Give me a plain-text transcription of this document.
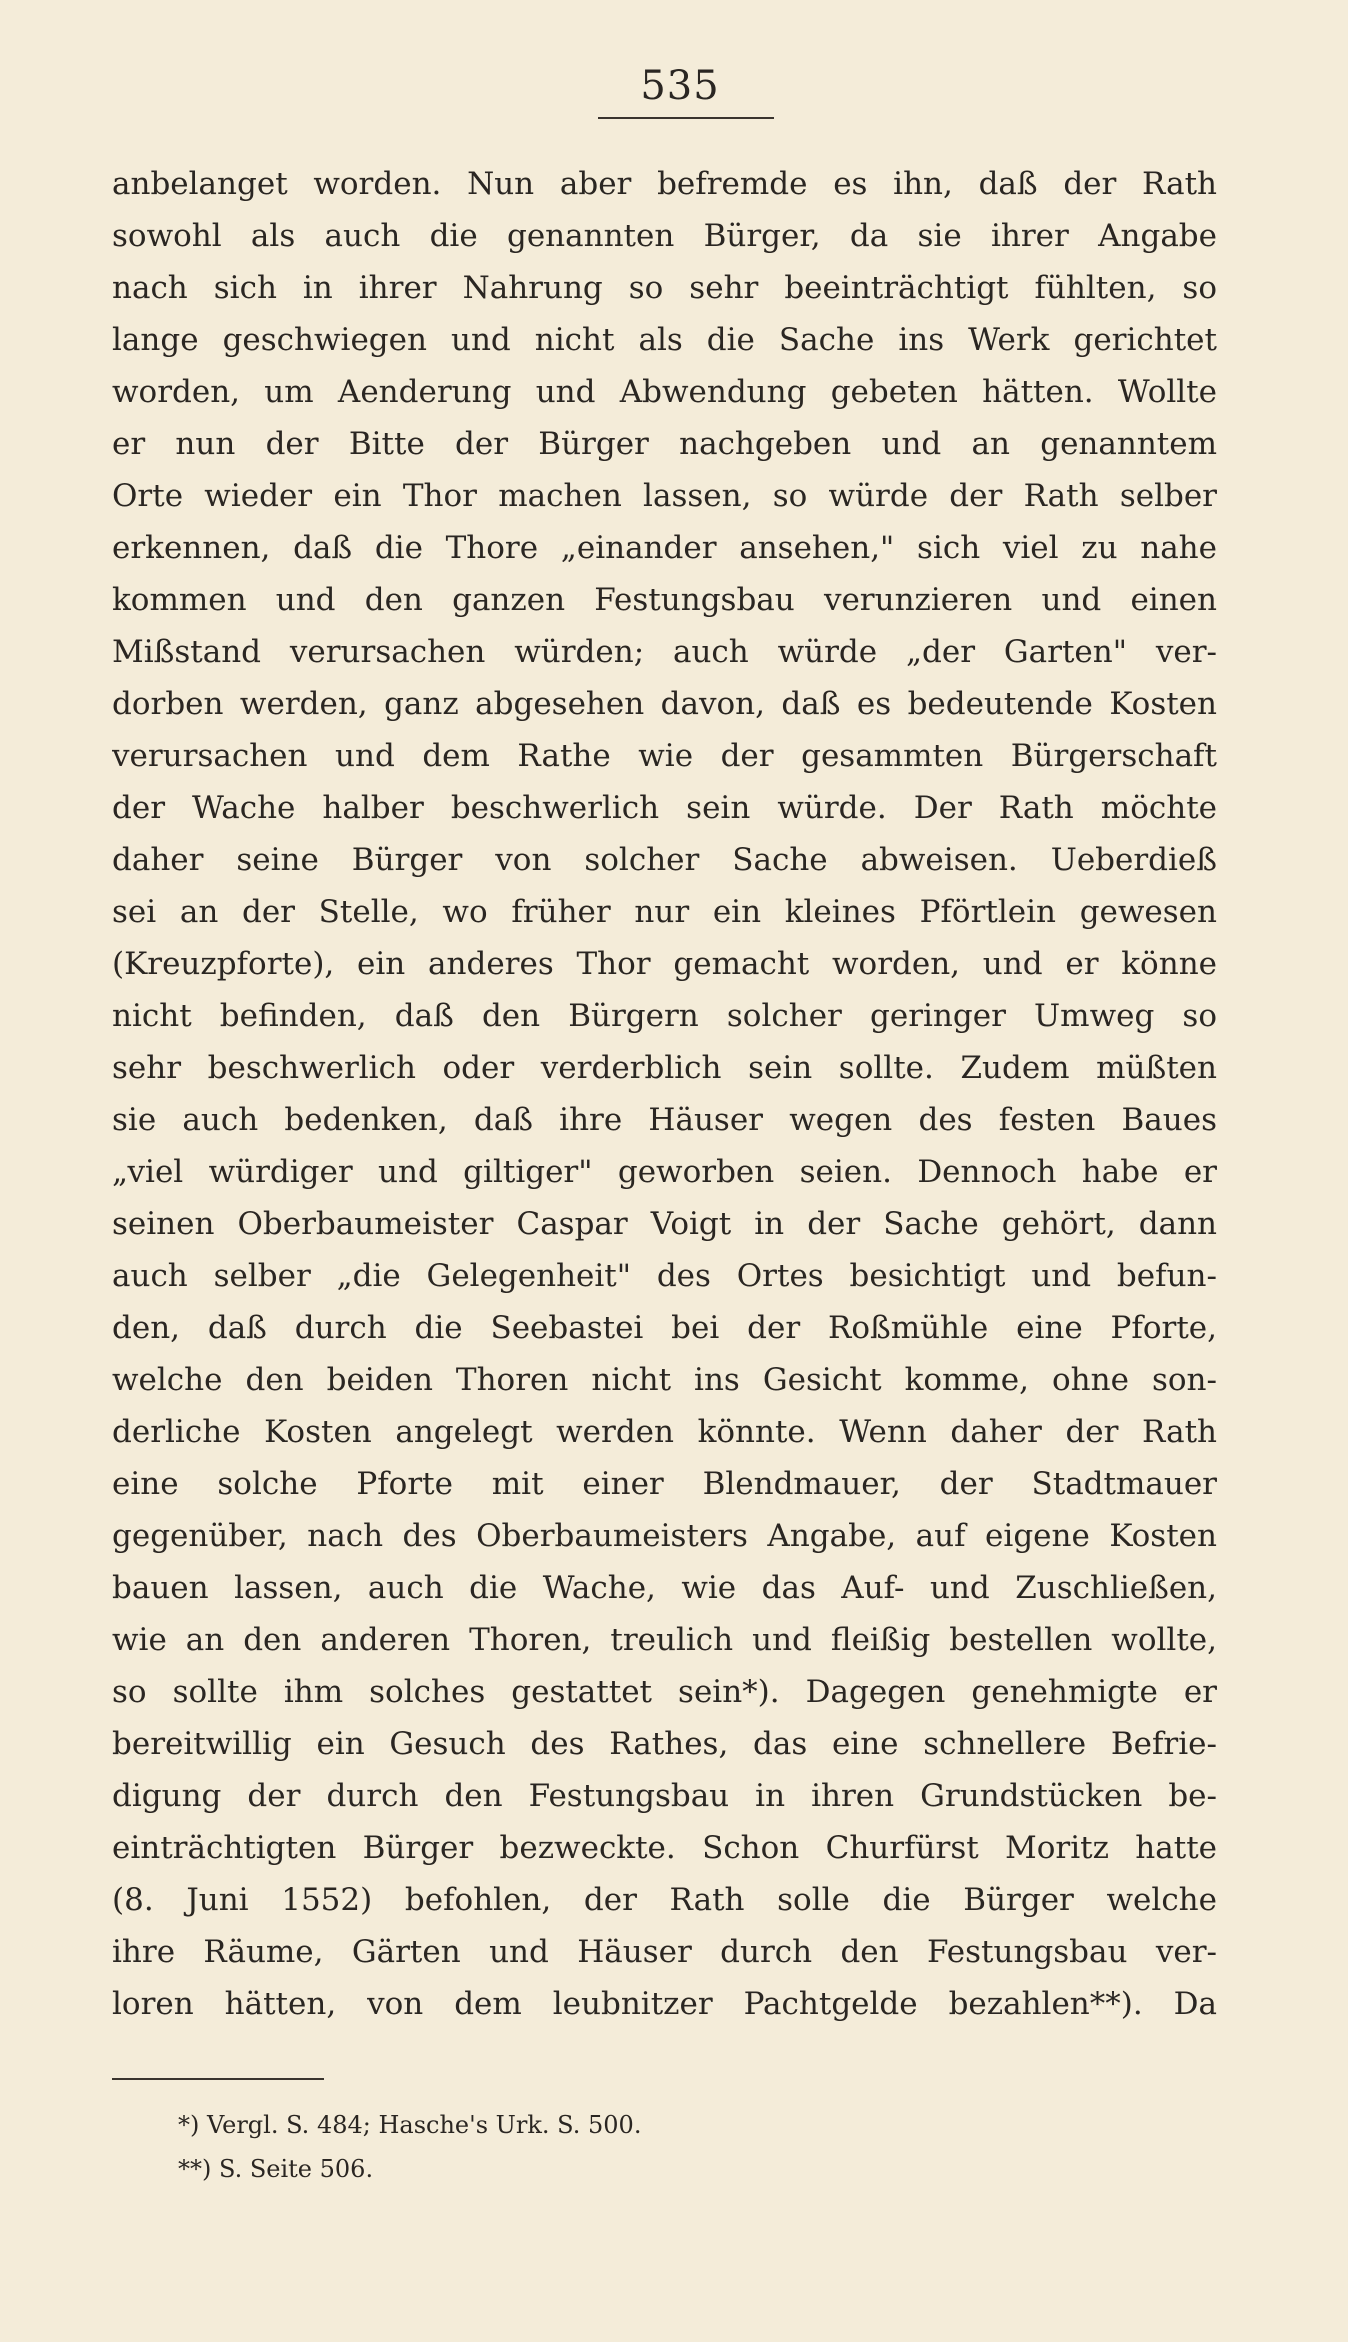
535
anbelanget worden. Nun aber befremde es ihn, daß der Rath
sowohl als auch die genannten Bürger, da sie ihrer Angabe
nach sich in ihrer Nahrung so sehr beeinträchtigt fühlten, so
lange geschwiegen und nicht als die Sache ins Werk gerichtet
worden, um Aenderung und Abwendung gebeten hätten. Wollte
er nun der Bitte der Bürger nachgeben und an genanntem
Orte wieder ein Thor machen lassen, so würde der Rath selber
erkennen, daß die Thore „einander ansehen," sich viel zu nahe
kommen und den ganzen Festungsbau verunzieren und einen
Mißstand verursachen würden; auch würde „der Garten" ver-
dorben werden, ganz abgesehen davon, daß es bedeutende Kosten
verursachen und dem Rathe wie der gesammten Bürgerschaft
der Wache halber beschwerlich sein würde. Der Rath möchte
daher seine Bürger von solcher Sache abweisen. Ueberdieß
sei an der Stelle, wo früher nur ein kleines Pförtlein gewesen
(Kreuzpforte), ein anderes Thor gemacht worden, und er könne
nicht befinden, daß den Bürgern solcher geringer Umweg so
sehr beschwerlich oder verderblich sein sollte. Zudem müßten
sie auch bedenken, daß ihre Häuser wegen des festen Baues
„viel würdiger und giltiger" geworben seien. Dennoch habe er
seinen Oberbaumeister Caspar Voigt in der Sache gehört, dann
auch selber „die Gelegenheit" des Ortes besichtigt und befun-
den, daß durch die Seebastei bei der Roßmühle eine Pforte,
welche den beiden Thoren nicht ins Gesicht komme, ohne son-
derliche Kosten angelegt werden könnte. Wenn daher der Rath
eine solche Pforte mit einer Blendmauer, der Stadtmauer
gegenüber, nach des Oberbaumeisters Angabe, auf eigene Kosten
bauen lassen, auch die Wache, wie das Auf- und Zuschließen,
wie an den anderen Thoren, treulich und fleißig bestellen wollte,
so sollte ihm solches gestattet sein*). Dagegen genehmigte er
bereitwillig ein Gesuch des Rathes, das eine schnellere Befrie-
digung der durch den Festungsbau in ihren Grundstücken be-
einträchtigten Bürger bezweckte. Schon Churfürst Moritz hatte
(8. Juni 1552) befohlen, der Rath solle die Bürger welche
ihre Räume, Gärten und Häuser durch den Festungsbau ver-
loren hätten, von dem leubnitzer Pachtgelde bezahlen**). Da
*) Vergl. S. 484; Hasche's Urk. S. 500.
**) S. Seite 506.
